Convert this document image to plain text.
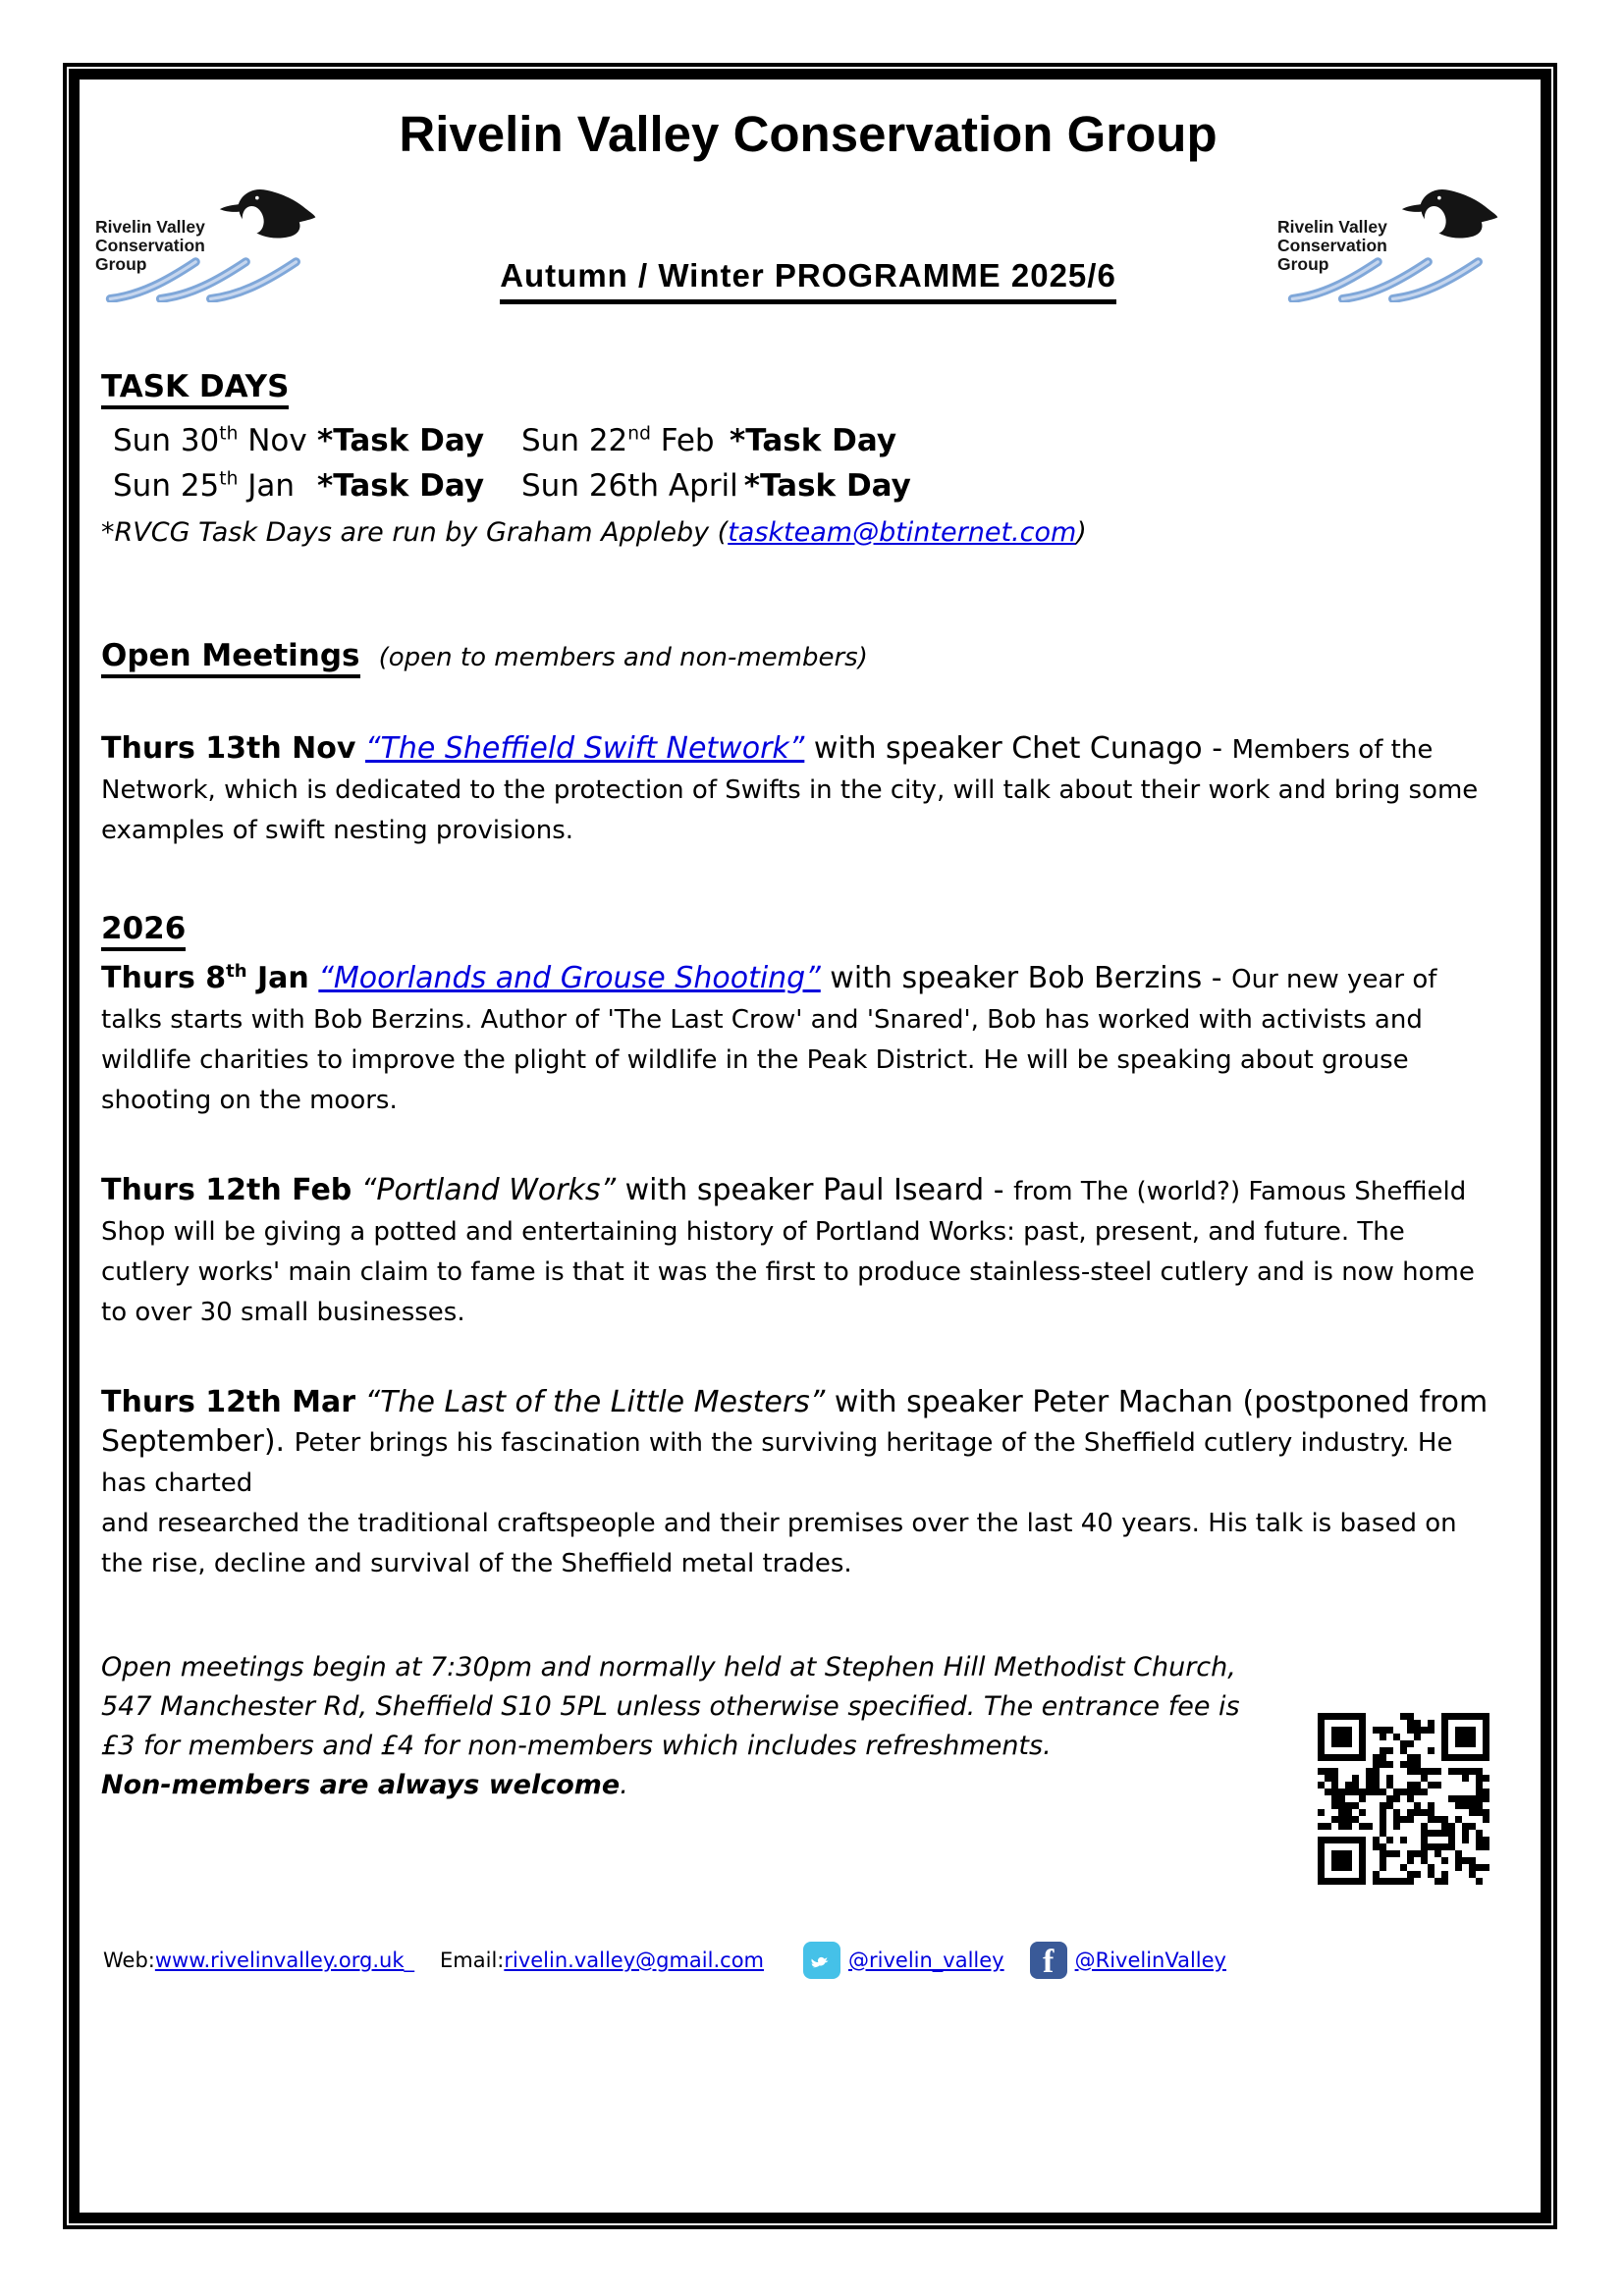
Rivelin Valley Conservation Group
Rivelin Valley
Conservation
Group	Autumn / Winter PROGRAMME 2025/6
Rivelin Valley
Conservation
Group
TASK DAYS
Sun 30th Nov *Task Day	Sun 22nd Feb *Task Day
Sun 25th Jan *Task Day	Sun 26th April *Task Day
*RVCG Task Days are run by Graham Appleby (taskteam@btinternet.com)
Open Meetings (open to members and non-members)

Thurs 13th Nov “The Sheffield Swift Network” with speaker Chet Cunago - Members of the Network, which is dedicated to the protection of Swifts in the city, will talk about their work and bring some examples of swift nesting provisions.

2026

Thurs 8th Jan “Moorlands and Grouse Shooting” with speaker Bob Berzins - Our new year of talks starts with Bob Berzins. Author of 'The Last Crow' and 'Snared', Bob has worked with activists and wildlife charities to improve the plight of wildlife in the Peak District. He will be speaking about grouse shooting on the moors.

Thurs 12th Feb “Portland Works” with speaker Paul Iseard - from The (world?) Famous Sheffield Shop will be giving a potted and entertaining history of Portland Works: past, present, and future. The cutlery works' main claim to fame is that it was the first to produce stainless-steel cutlery and is now home to over 30 small businesses.

Thurs 12th Mar “The Last of the Little Mesters” with speaker Peter Machan (postponed from September). Peter brings his fascination with the surviving heritage of the Sheffield cutlery industry. He has charted
and researched the traditional craftspeople and their premises over the last 40 years. His talk is based on the rise, decline and survival of the Sheffield metal trades.

Open meetings begin at 7:30pm and normally held at Stephen Hill Methodist Church, 547 Manchester Rd, Sheffield S10 5PL unless otherwise specified. The entrance fee is £3 for members and £4 for non-members which includes refreshments.
Non-members are always welcome.
Web: www.rivelinvalley.org.uk _ Email: rivelin.valley@gmail.com	@rivelin_valley	f	@RivelinValley
